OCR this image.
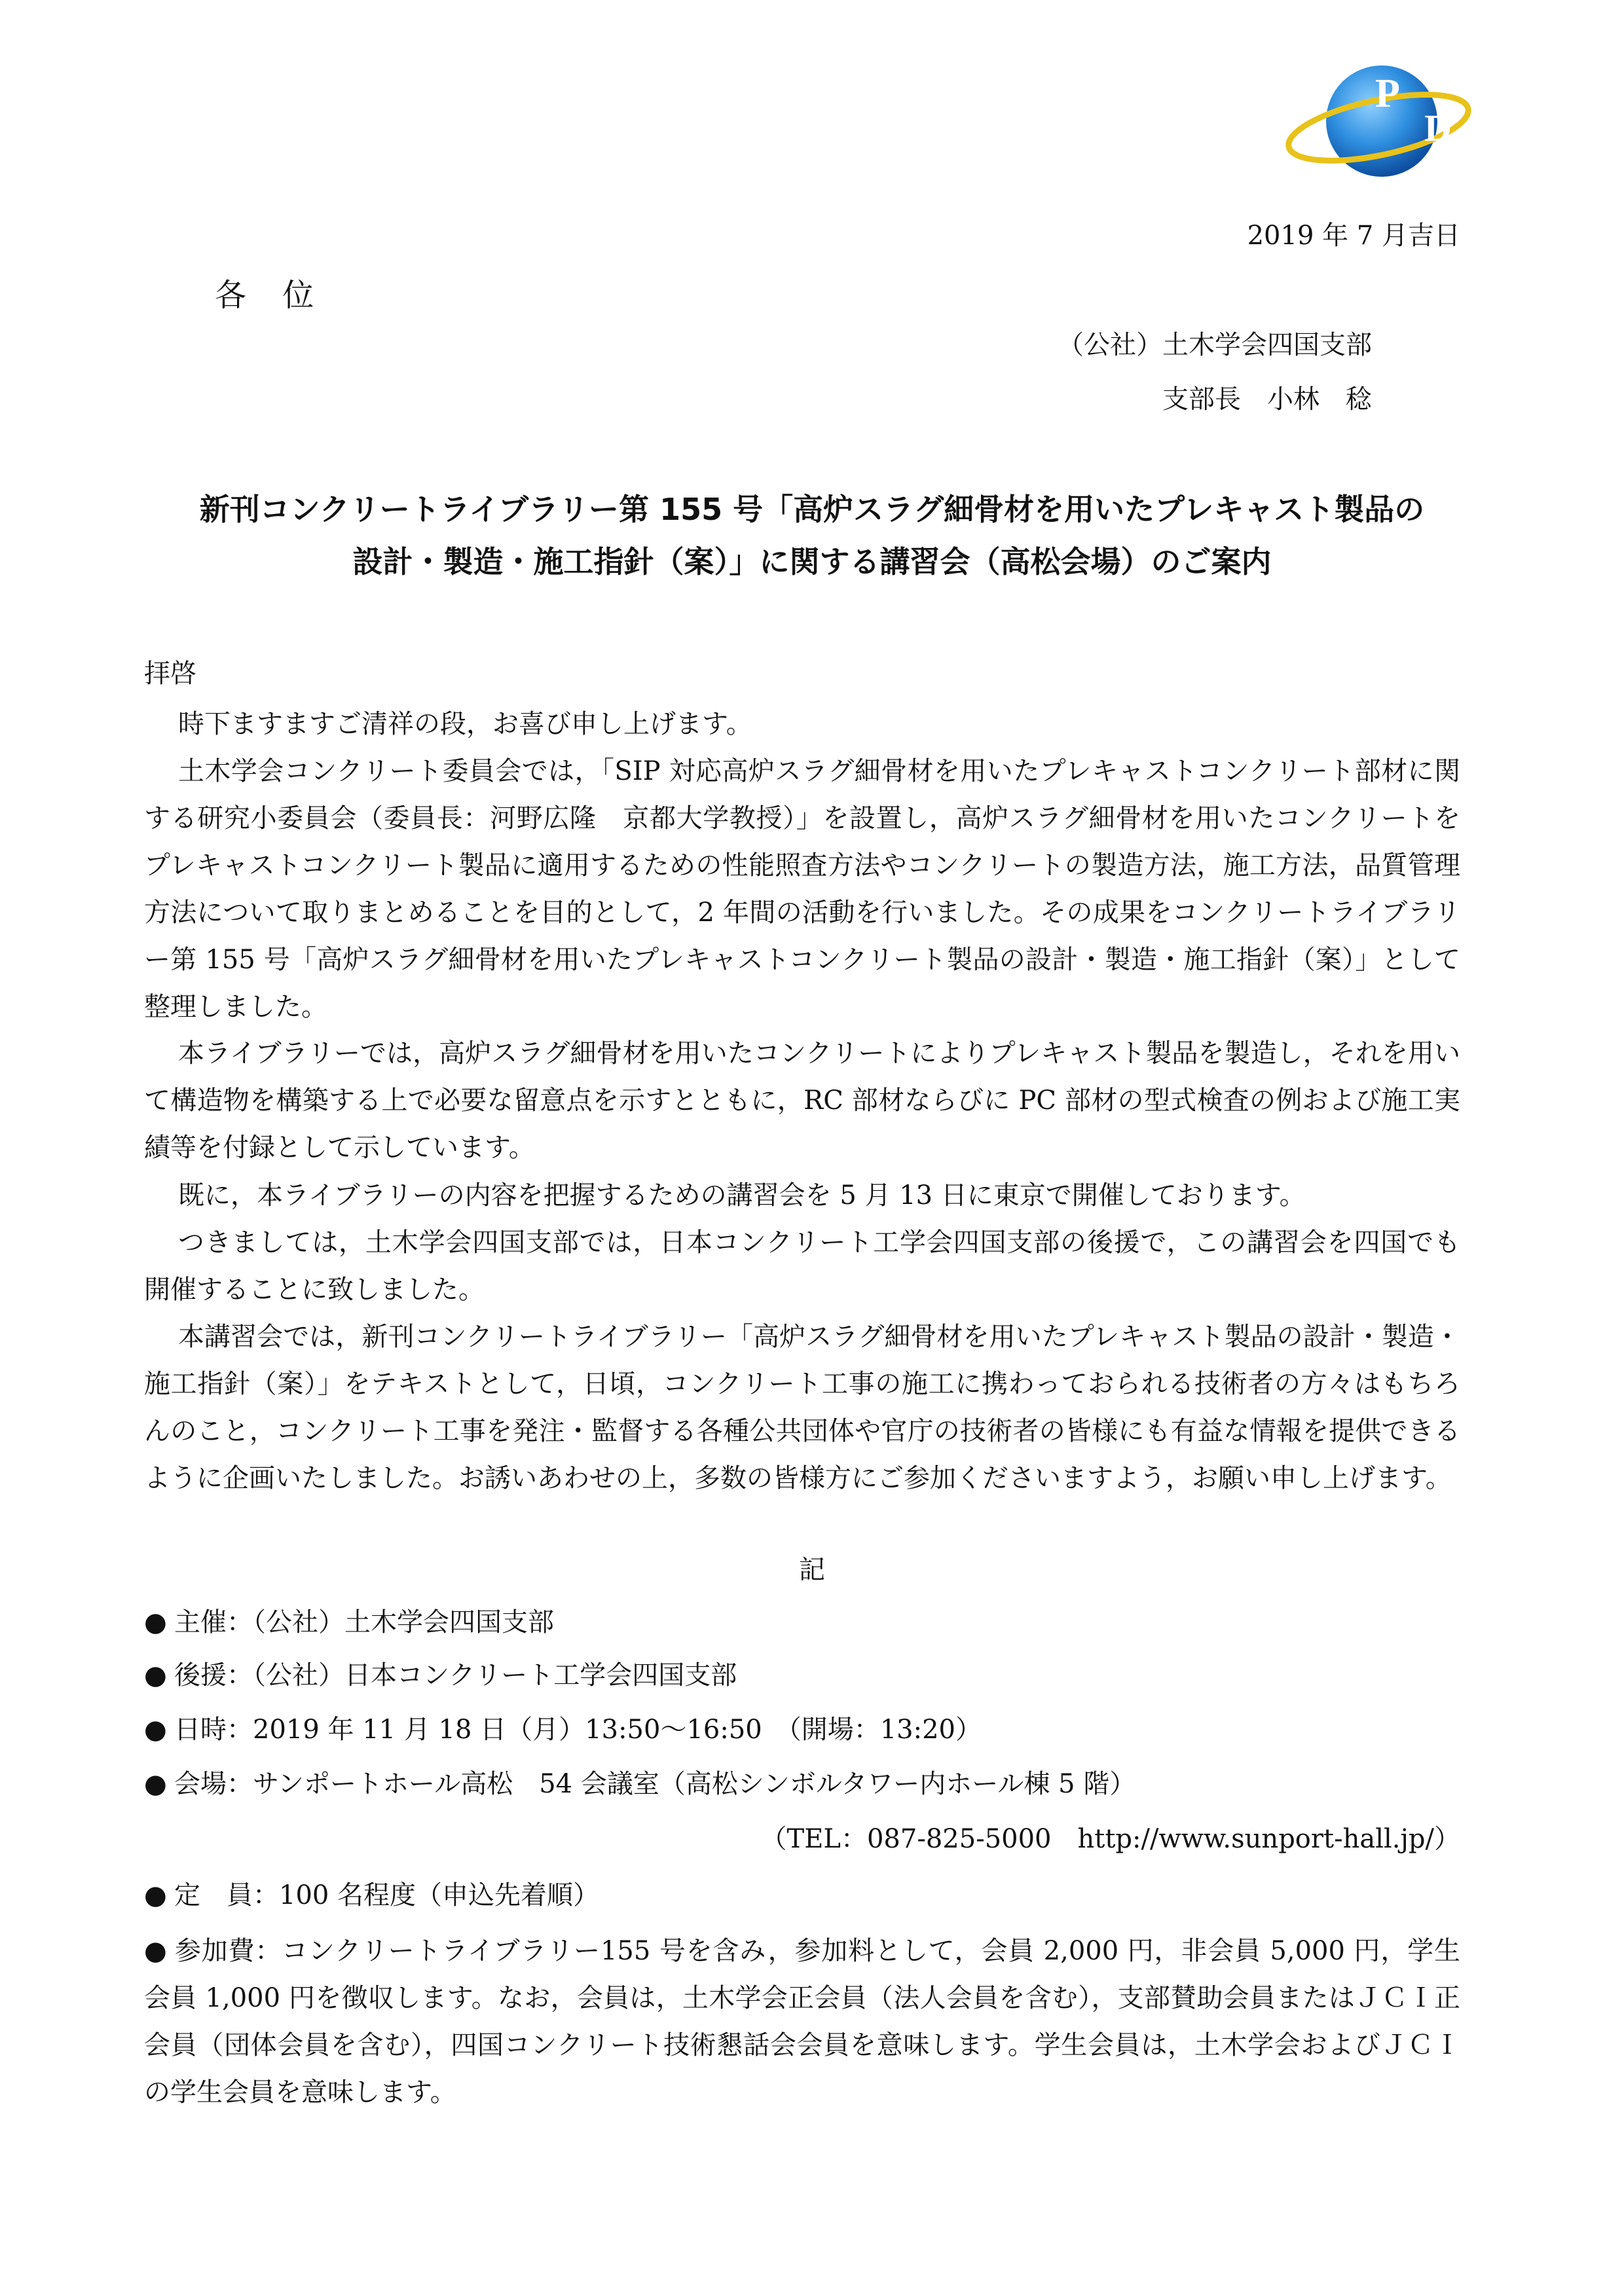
P
C	D
2019 年 7 月吉日
各 位
（公社）土木学会四国支部
支部長　小林　稔
新刊コンクリートライブラリー第 155 号「高炉スラグ細骨材を用いたプレキャスト製品の
設計・製造・施工指針（案）」に関する講習会（高松会場）のご案内
拝啓

時下ますますご清祥の段，お喜び申し上げます。

土木学会コンクリート委員会では，「SIP 対応高炉スラグ細骨材を用いたプレキャストコンクリート部材に関する研究小委員会（委員長：河野広隆　京都大学教授）」を設置し，高炉スラグ細骨材を用いたコンクリートをプレキャストコンクリート製品に適用するための性能照査方法やコンクリートの製造方法，施工方法，品質管理方法について取りまとめることを目的として，2 年間の活動を行いました。その成果をコンクリートライブラリー第 155 号「高炉スラグ細骨材を用いたプレキャストコンクリート製品の設計・製造・施工指針（案）」として整理しました。

本ライブラリーでは，高炉スラグ細骨材を用いたコンクリートによりプレキャスト製品を製造し，それを用いて構造物を構築する上で必要な留意点を示すとともに，RC 部材ならびに PC 部材の型式検査の例および施工実績等を付録として示しています。

既に，本ライブラリーの内容を把握するための講習会を 5 月 13 日に東京で開催しております。

つきましては，土木学会四国支部では，日本コンクリート工学会四国支部の後援で，この講習会を四国でも開催することに致しました。

本講習会では，新刊コンクリートライブラリー「高炉スラグ細骨材を用いたプレキャスト製品の設計・製造・施工指針（案）」をテキストとして，日頃，コンクリート工事の施工に携わっておられる技術者の方々はもちろんのこと，コンクリート工事を発注・監督する各種公共団体や官庁の技術者の皆様にも有益な情報を提供できるように企画いたしました。お誘いあわせの上，多数の皆様方にご参加くださいますよう，お願い申し上げます。

記
● 主催：（公社）土木学会四国支部
● 後援：（公社）日本コンクリート工学会四国支部
● 日時：2019 年 11 月 18 日（月）13:50～16:50　（開場：13:20）
● 会場：サンポートホール高松　54 会議室（高松シンボルタワー内ホール棟 5 階）
（TEL：087-825-5000 http://www.sunport-hall.jp/）
● 定　員：100 名程度（申込先着順）

● 参加費：コンクリートライブラリー155 号を含み，参加料として，会員 2,000 円，非会員 5,000 円，学生会員 1,000 円を徴収します。なお，会員は，土木学会正会員（法人会員を含む），支部賛助会員またはＪＣＩ正会員（団体会員を含む），四国コンクリート技術懇話会会員を意味します。学生会員は，土木学会およびＪＣＩの学生会員を意味します。
